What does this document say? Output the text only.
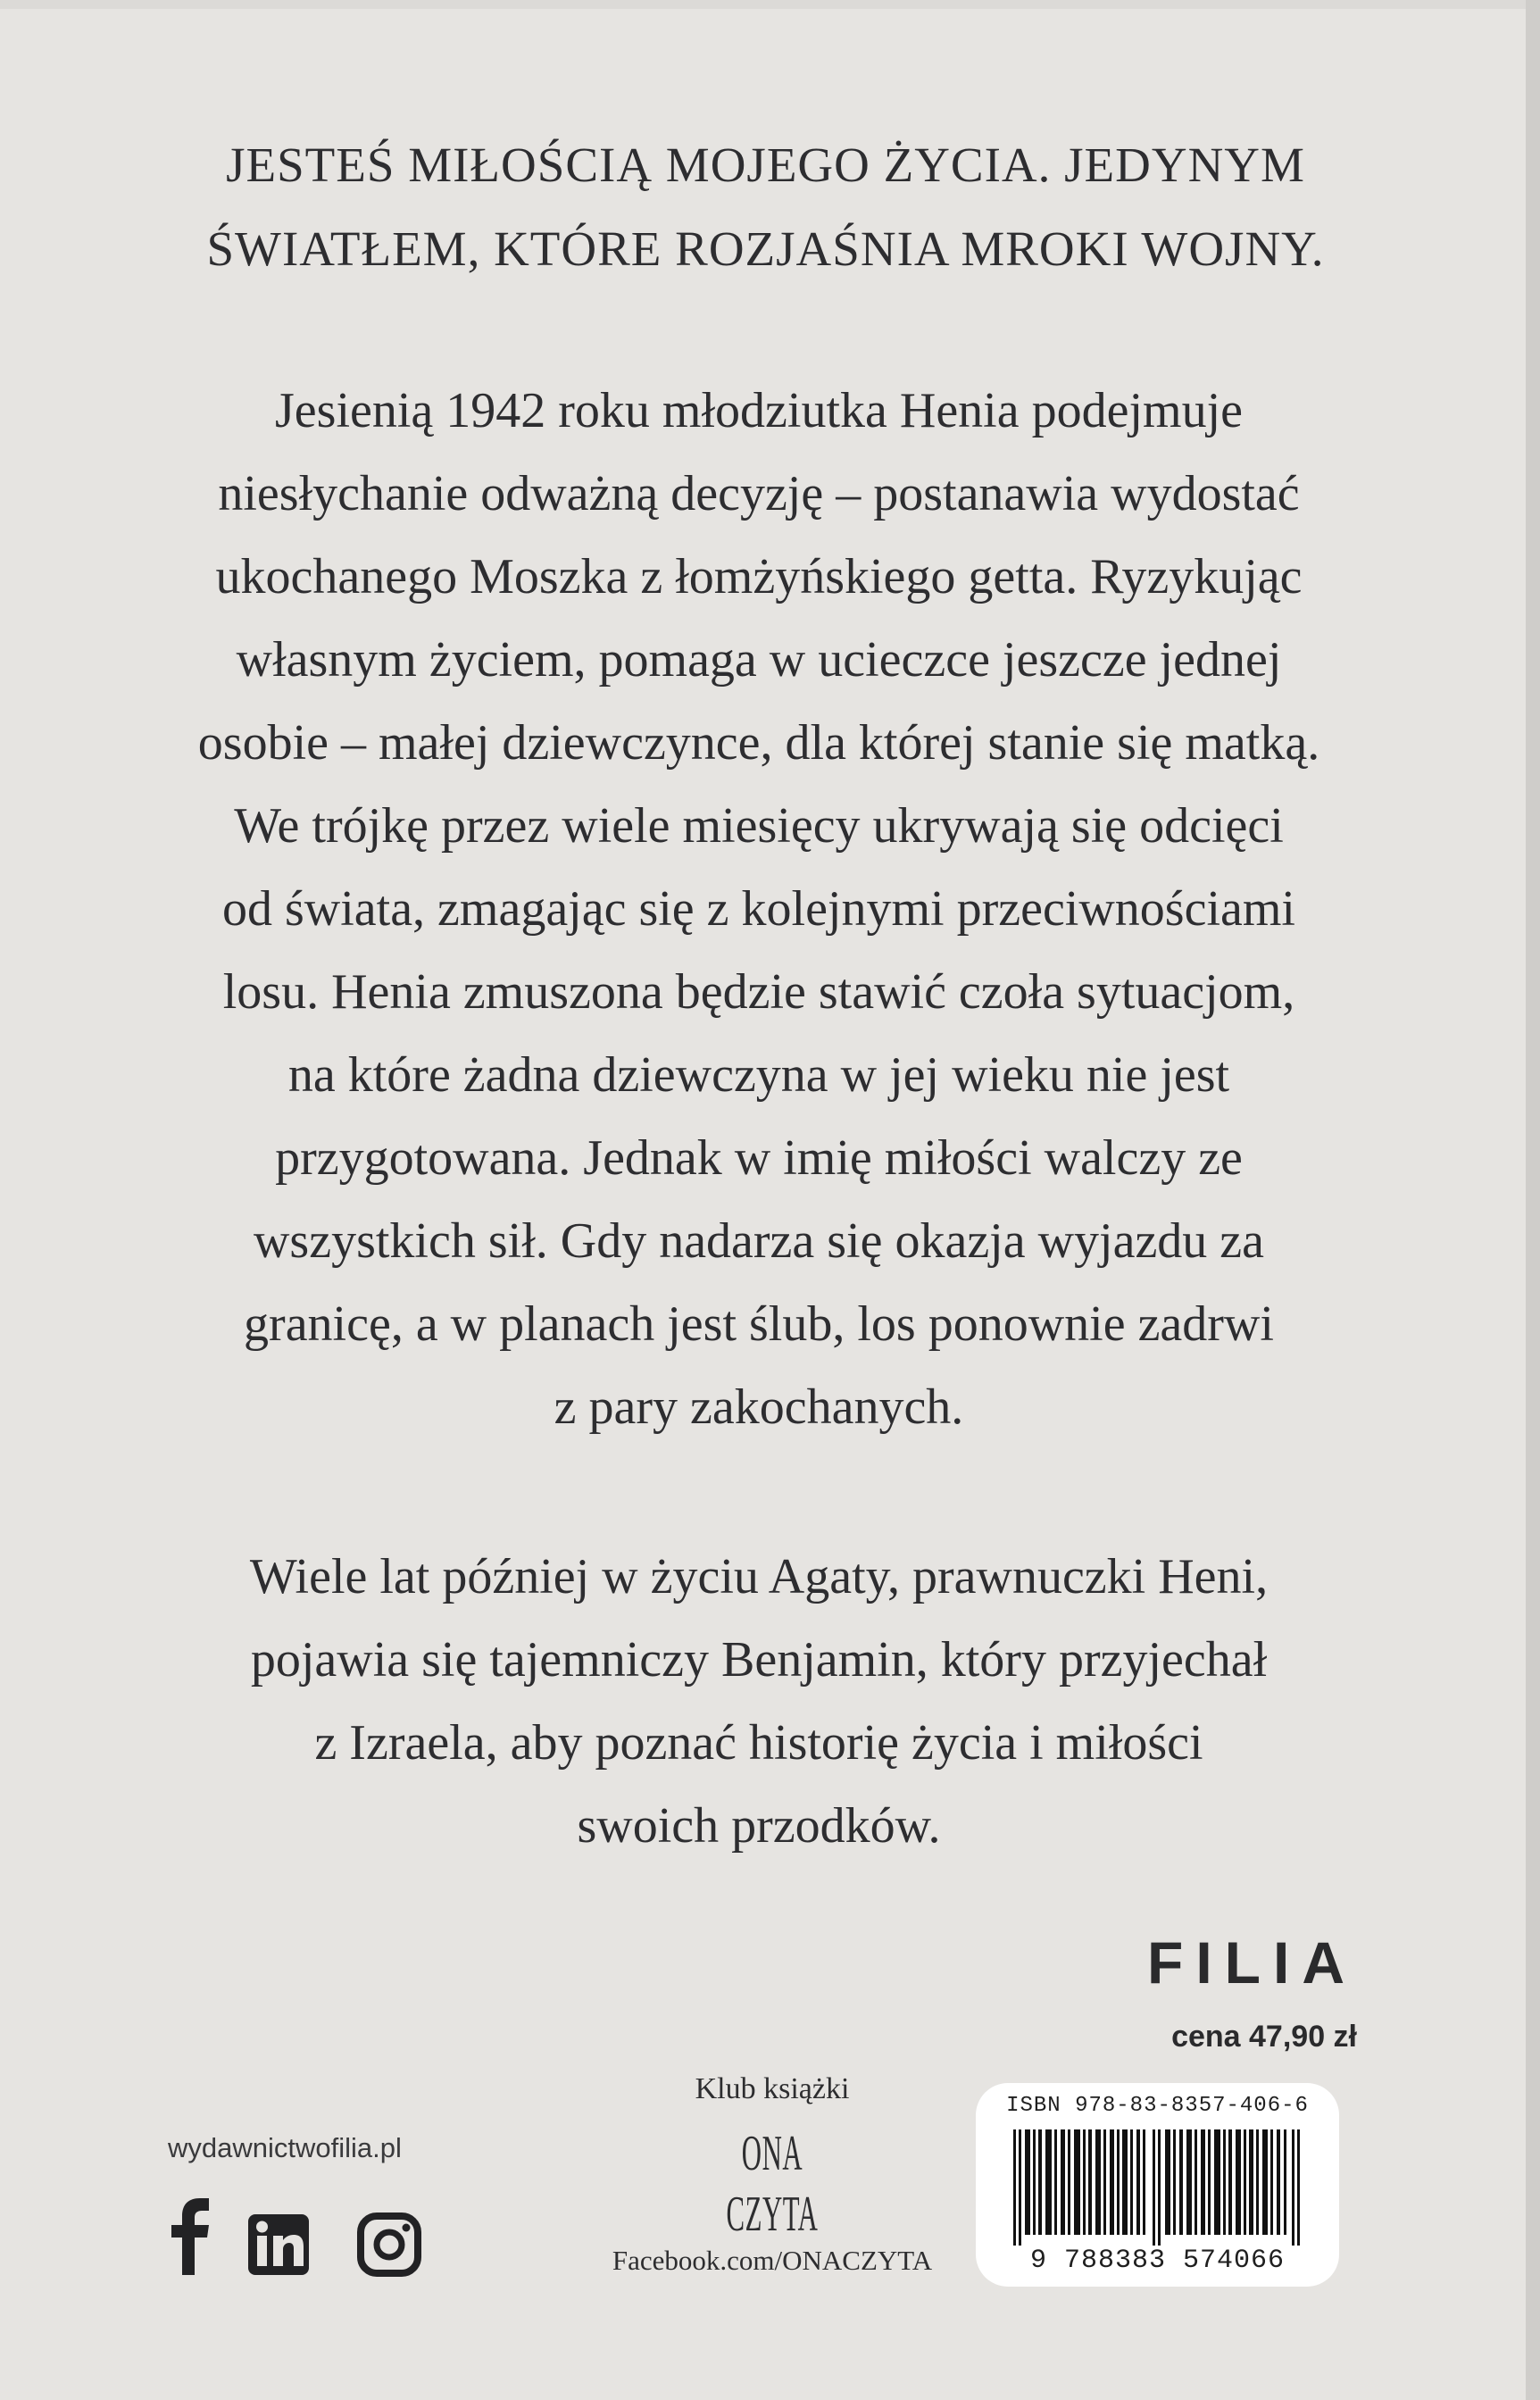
JESTEŚ MIŁOŚCIĄ MOJEGO ŻYCIA. JEDYNYM
ŚWIATŁEM, KTÓRE ROZJAŚNIA MROKI WOJNY.
Jesienią 1942 roku młodziutka Henia podejmuje
niesłychanie odważną decyzję – postanawia wydostać
ukochanego Moszka z łomżyńskiego getta. Ryzykując
własnym życiem, pomaga w ucieczce jeszcze jednej
osobie – małej dziewczynce, dla której stanie się matką.
We trójkę przez wiele miesięcy ukrywają się odcięci
od świata, zmagając się z kolejnymi przeciwnościami
losu. Henia zmuszona będzie stawić czoła sytuacjom,
na które żadna dziewczyna w jej wieku nie jest
przygotowana. Jednak w imię miłości walczy ze
wszystkich sił. Gdy nadarza się okazja wyjazdu za
granicę, a w planach jest ślub, los ponownie zadrwi
z pary zakochanych.
Wiele lat później w życiu Agaty, prawnuczki Heni,
pojawia się tajemniczy Benjamin, który przyjechał
z Izraela, aby poznać historię życia i miłości
swoich przodków.
FILIA
cena 47,90 zł
wydawnictwofilia.pl
Klub książki
ONA
CZYTA
Facebook.com/ONACZYTA
ISBN 978-83-8357-406-6
9 788383 574066
